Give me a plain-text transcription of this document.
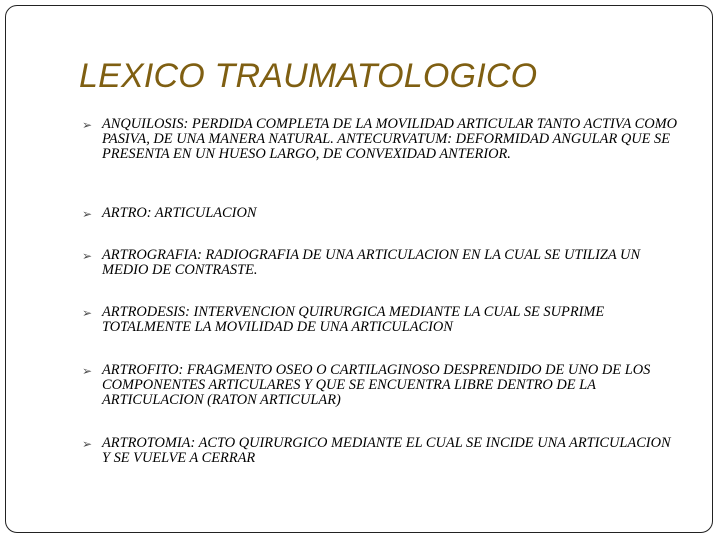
LEXICO TRAUMATOLOGICO
➢ ANQUILOSIS: PERDIDA COMPLETA DE LA MOVILIDAD ARTICULAR TANTO ACTIVA COMO PASIVA, DE UNA MANERA NATURAL. ANTECURVATUM: DEFORMIDAD ANGULAR QUE SE PRESENTA EN UN HUESO LARGO, DE CONVEXIDAD ANTERIOR.
➢ ARTRO: ARTICULACION
➢ ARTROGRAFIA: RADIOGRAFIA DE UNA ARTICULACION EN LA CUAL SE UTILIZA UN MEDIO DE CONTRASTE.
➢ ARTRODESIS: INTERVENCION QUIRURGICA MEDIANTE LA CUAL SE SUPRIME TOTALMENTE LA MOVILIDAD DE UNA ARTICULACION
➢ ARTROFITO: FRAGMENTO OSEO O CARTILAGINOSO DESPRENDIDO DE UNO DE LOS COMPONENTES ARTICULARES Y QUE SE ENCUENTRA LIBRE DENTRO DE LA ARTICULACION (RATON ARTICULAR)
➢ ARTROTOMIA: ACTO QUIRURGICO MEDIANTE EL CUAL SE INCIDE UNA ARTICULACION Y SE VUELVE A CERRAR
